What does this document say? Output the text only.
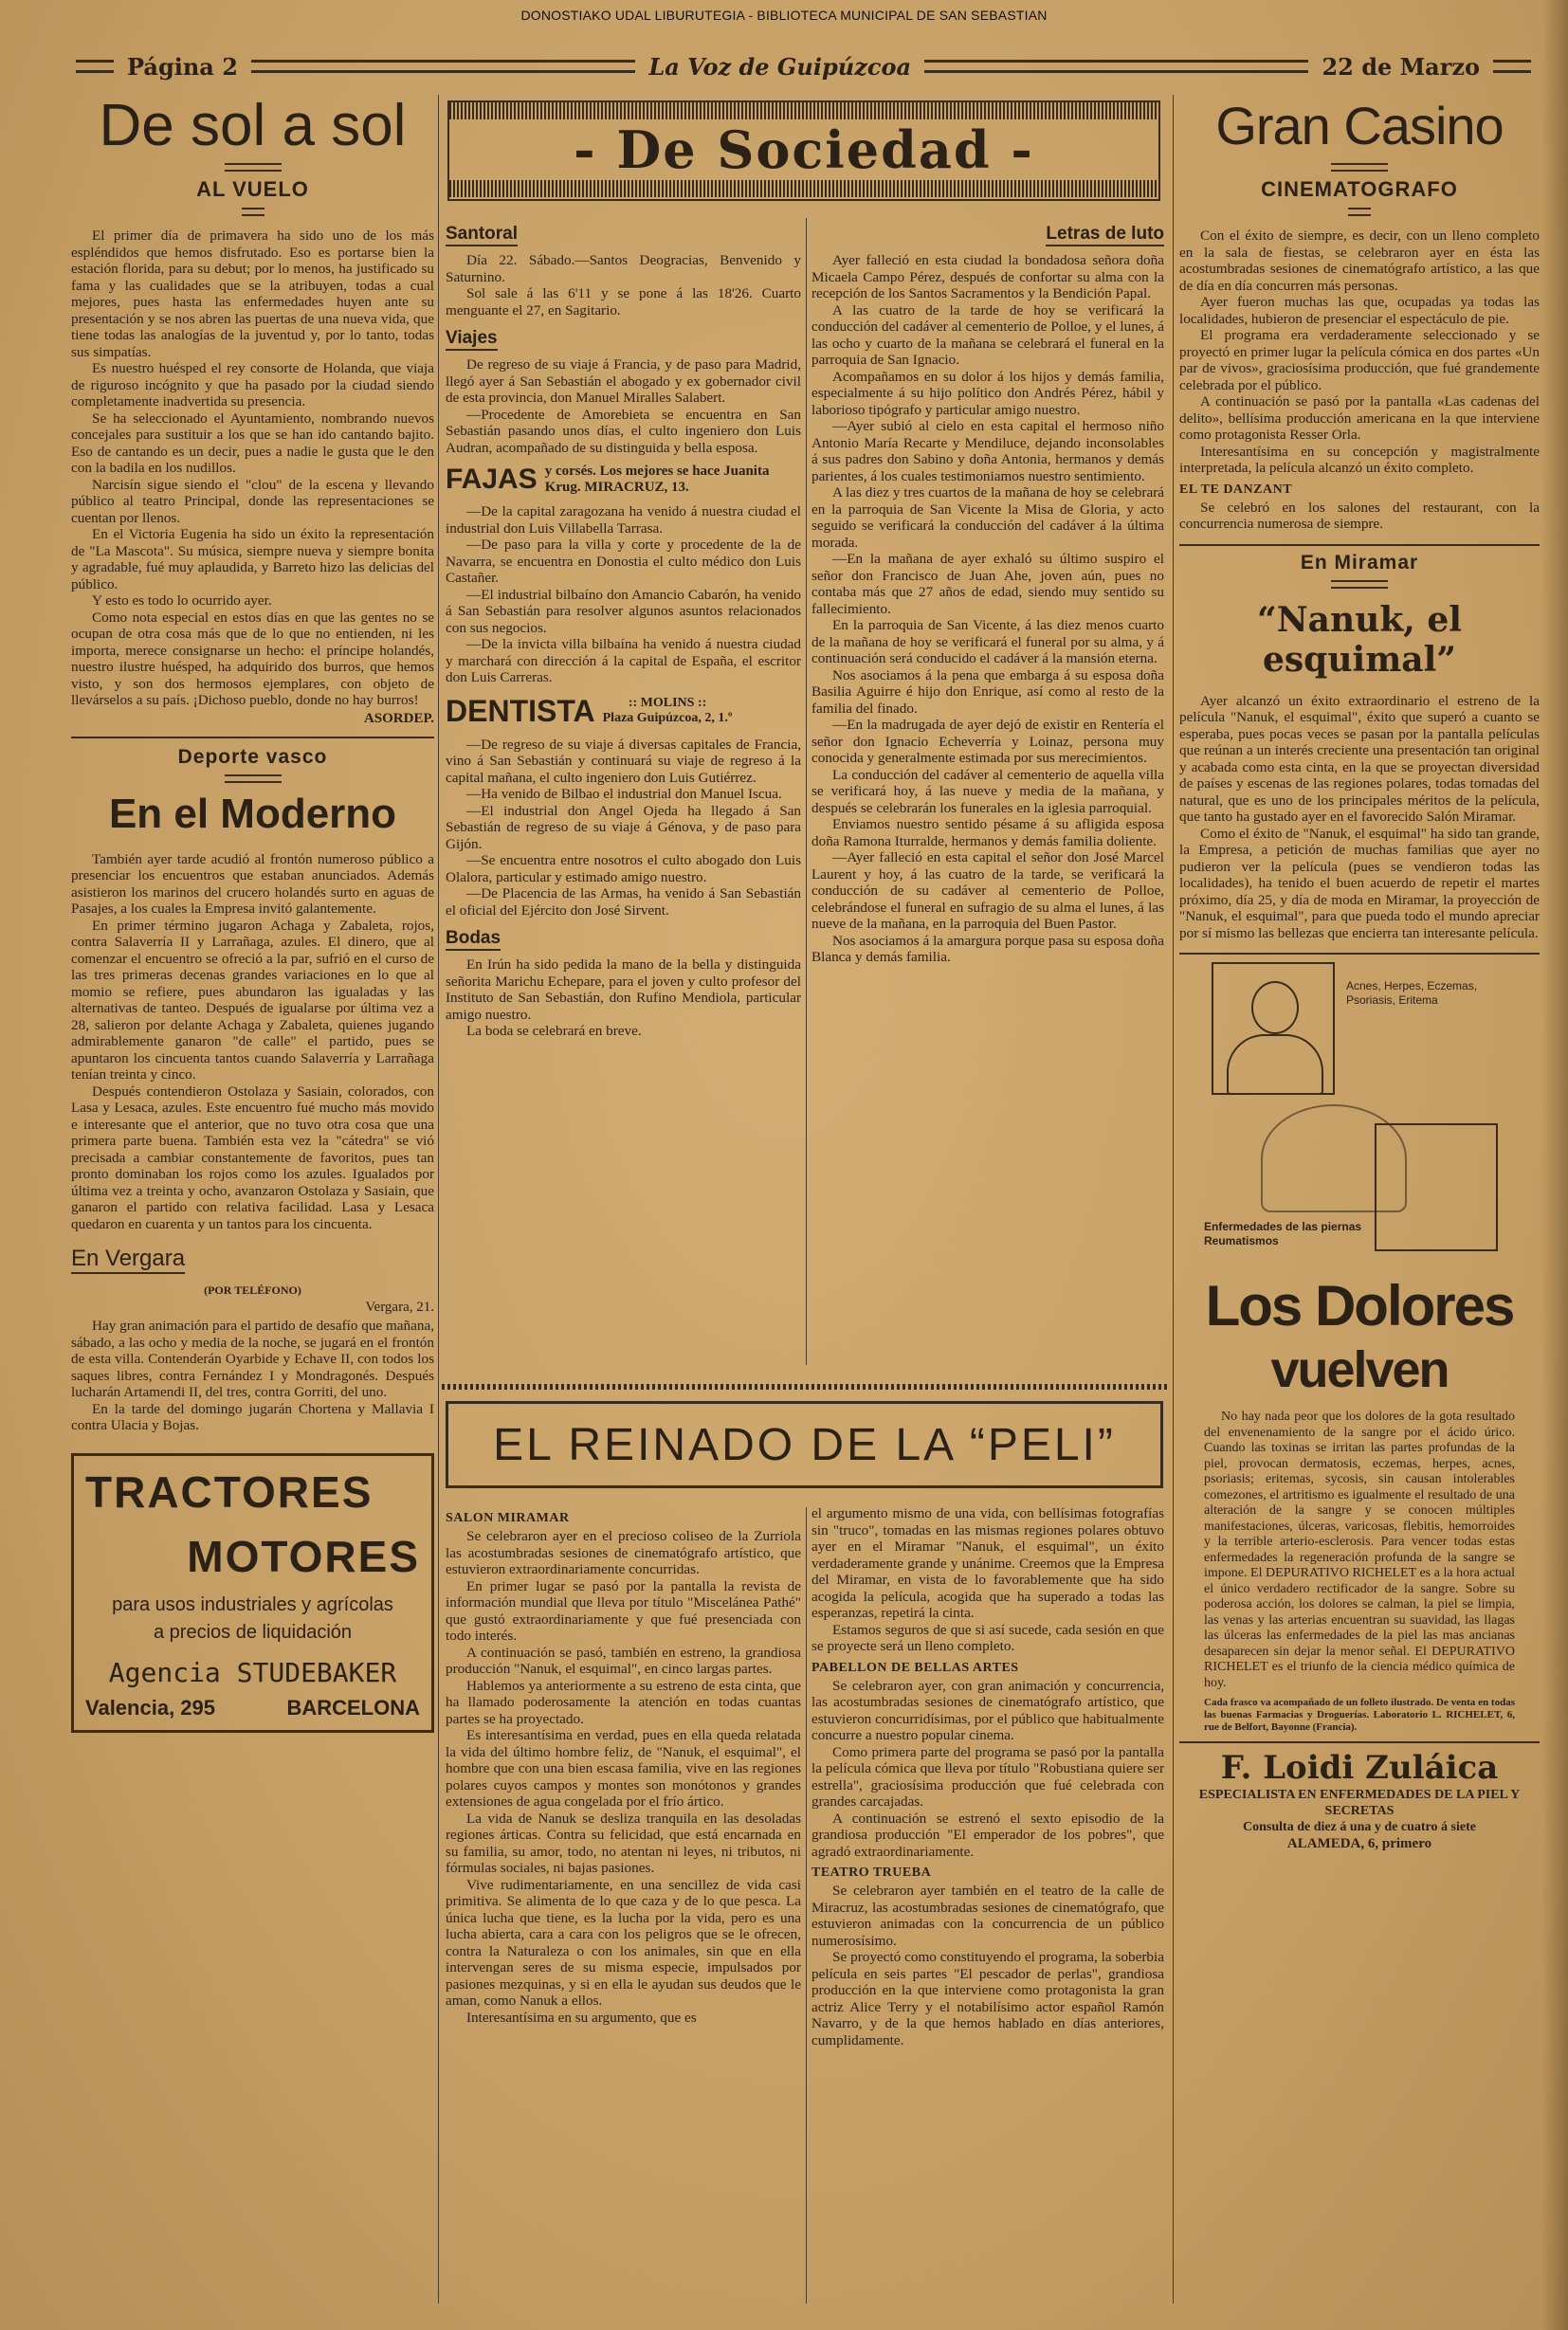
DONOSTIAKO UDAL LIBURUTEGIA - BIBLIOTECA MUNICIPAL DE SAN SEBASTIAN
Página 2	La Voz de Guipúzcoa	22 de Marzo
De sol a sol
AL VUELO

El primer día de primavera ha sido uno de los más espléndidos que hemos disfrutado. Eso es portarse bien la estación florida, para su debut; por lo menos, ha justificado su fama y las cualidades que se la atribuyen, todas a cual mejores, pues hasta las enfermedades huyen ante su presentación y se nos abren las puertas de una nueva vida, que tiene todas las analogías de la juventud y, por lo tanto, todas sus simpatías.

Es nuestro huésped el rey consorte de Holanda, que viaja de riguroso incógnito y que ha pasado por la ciudad siendo completamente inadvertida su presencia.

Se ha seleccionado el Ayuntamiento, nombrando nuevos concejales para sustituir a los que se han ido cantando bajito. Eso de cantando es un decir, pues a nadie le gusta que le den con la badila en los nudillos.

Narcisín sigue siendo el "clou" de la escena y llevando público al teatro Principal, donde las representaciones se cuentan por llenos.

En el Victoria Eugenia ha sido un éxito la representación de "La Mascota". Su música, siempre nueva y siempre bonita y agradable, fué muy aplaudida, y Barreto hizo las delicias del público.

Y esto es todo lo ocurrido ayer.

Como nota especial en estos días en que las gentes no se ocupan de otra cosa más que de lo que no entienden, ni les importa, merece consignarse un hecho: el príncipe holandés, nuestro ilustre huésped, ha adquirido dos burros, que hemos visto, y son dos hermosos ejemplares, con objeto de llevárselos a su país. ¡Dichoso pueblo, donde no hay burros!

ASORDEP.
Deporte vasco
En el Moderno

También ayer tarde acudió al frontón numeroso público a presenciar los encuentros que estaban anunciados. Además asistieron los marinos del crucero holandés surto en aguas de Pasajes, a los cuales la Empresa invitó galantemente.

En primer término jugaron Achaga y Zabaleta, rojos, contra Salaverría II y Larrañaga, azules. El dinero, que al comenzar el encuentro se ofreció a la par, sufrió en el curso de las tres primeras decenas grandes variaciones en lo que al momio se refiere, pues abundaron las igualadas y las alternativas de tanteo. Después de igualarse por última vez a 28, salieron por delante Achaga y Zabaleta, quienes jugando admirablemente ganaron "de calle" el partido, pues se apuntaron los cincuenta tantos cuando Salaverría y Larrañaga tenían treinta y cinco.

Después contendieron Ostolaza y Sasiain, colorados, con Lasa y Lesaca, azules. Este encuentro fué mucho más movido e interesante que el anterior, que no tuvo otra cosa que una primera parte buena. También esta vez la "cátedra" se vió precisada a cambiar constantemente de favoritos, pues tan pronto dominaban los rojos como los azules. Igualados por última vez a treinta y ocho, avanzaron Ostolaza y Sasiain, que ganaron el partido con relativa facilidad. Lasa y Lesaca quedaron en cuarenta y un tantos para los cincuenta.

En Vergara
(POR TELÉFONO)
Vergara, 21.

Hay gran animación para el partido de desafío que mañana, sábado, a las ocho y media de la noche, se jugará en el frontón de esta villa. Contenderán Oyarbide y Echave II, con todos los saques libres, contra Fernández I y Mondragonés. Después lucharán Artamendi II, del tres, contra Gorriti, del uno.

En la tarde del domingo jugarán Chortena y Mallavia I contra Ulacia y Bojas.

TRACTORES
MOTORES
para usos industriales y agrícolas
a precios de liquidación
Agencia STUDEBAKER
Valencia, 295	BARCELONA
- De Sociedad -
Santoral

Día 22. Sábado.—Santos Deogracias, Benvenido y Saturnino.

Sol sale á las 6'11 y se pone á las 18'26. Cuarto menguante el 27, en Sagitario.

Viajes

De regreso de su viaje á Francia, y de paso para Madrid, llegó ayer á San Sebastián el abogado y ex gobernador civil de esta provincia, don Manuel Miralles Salabert.

—Procedente de Amorebieta se encuentra en San Sebastián pasando unos días, el culto ingeniero don Luis Audran, acompañado de su distinguida y bella esposa.

FAJAS y corsés. Los mejores se hace Juanita Krug. MIRACRUZ, 13.

—De la capital zaragozana ha venido á nuestra ciudad el industrial don Luis Villabella Tarrasa.

—De paso para la villa y corte y procedente de la de Navarra, se encuentra en Donostia el culto médico don Luis Castañer.

—El industrial bilbaíno don Amancio Cabarón, ha venido á San Sebastián para resolver algunos asuntos relacionados con sus negocios.

—De la invicta villa bilbaína ha venido á nuestra ciudad y marchará con dirección á la capital de España, el escritor don Luis Carreras.

DENTISTA	:: MOLINS ::
Plaza Guipúzcoa, 2, 1.º

—De regreso de su viaje á diversas capitales de Francia, vino á San Sebastián y continuará su viaje de regreso á la capital mañana, el culto ingeniero don Luis Gutiérrez.

—Ha venido de Bilbao el industrial don Manuel Iscua.

—El industrial don Angel Ojeda ha llegado á San Sebastián de regreso de su viaje á Génova, y de paso para Gijón.

—Se encuentra entre nosotros el culto abogado don Luis Olalora, particular y estimado amigo nuestro.

—De Placencia de las Armas, ha venido á San Sebastián el oficial del Ejército don José Sirvent.

Bodas

En Irún ha sido pedida la mano de la bella y distinguida señorita Marichu Echepare, para el joven y culto profesor del Instituto de San Sebastián, don Rufino Mendiola, particular amigo nuestro.

La boda se celebrará en breve.

Letras de luto

Ayer falleció en esta ciudad la bondadosa señora doña Micaela Campo Pérez, después de confortar su alma con la recepción de los Santos Sacramentos y la Bendición Papal.

A las cuatro de la tarde de hoy se verificará la conducción del cadáver al cementerio de Polloe, y el lunes, á las ocho y cuarto de la mañana se celebrará el funeral en la parroquia de San Ignacio.

Acompañamos en su dolor á los hijos y demás familia, especialmente á su hijo político don Andrés Pérez, hábil y laborioso tipógrafo y particular amigo nuestro.

—Ayer subió al cielo en esta capital el hermoso niño Antonio María Recarte y Mendiluce, dejando inconsolables á sus padres don Sabino y doña Antonia, hermanos y demás parientes, á los cuales testimoniamos nuestro sentimiento.

A las diez y tres cuartos de la mañana de hoy se celebrará en la parroquia de San Vicente la Misa de Gloria, y acto seguido se verificará la conducción del cadáver á la última morada.

—En la mañana de ayer exhaló su último suspiro el señor don Francisco de Juan Ahe, joven aún, pues no contaba más que 27 años de edad, siendo muy sentido su fallecimiento.

En la parroquia de San Vicente, á las diez menos cuarto de la mañana de hoy se verificará el funeral por su alma, y á continuación será conducido el cadáver á la mansión eterna.

Nos asociamos á la pena que embarga á su esposa doña Basilia Aguirre é hijo don Enrique, así como al resto de la familia del finado.

—En la madrugada de ayer dejó de existir en Rentería el señor don Ignacio Echeverría y Loinaz, persona muy conocida y generalmente estimada por sus merecimientos.

La conducción del cadáver al cementerio de aquella villa se verificará hoy, á las nueve y media de la mañana, y después se celebrarán los funerales en la iglesia parroquial.

Enviamos nuestro sentido pésame á su afligida esposa doña Ramona Iturralde, hermanos y demás familia doliente.

—Ayer falleció en esta capital el señor don José Marcel Laurent y hoy, á las cuatro de la tarde, se verificará la conducción de su cadáver al cementerio de Polloe, celebrándose el funeral en sufragio de su alma el lunes, á las nueve de la mañana, en la parroquia del Buen Pastor.

Nos asociamos á la amargura porque pasa su esposa doña Blanca y demás familia.

EL REINADO DE LA “PELI”
SALON MIRAMAR

Se celebraron ayer en el precioso coliseo de la Zurriola las acostumbradas sesiones de cinematógrafo artístico, que estuvieron extraordinariamente concurridas.

En primer lugar se pasó por la pantalla la revista de información mundial que lleva por título "Miscelánea Pathé" que gustó extraordinariamente y que fué presenciada con todo interés.

A continuación se pasó, también en estreno, la grandiosa producción "Nanuk, el esquimal", en cinco largas partes.

Hablemos ya anteriormente a su estreno de esta cinta, que ha llamado poderosamente la atención en todas cuantas partes se ha proyectado.

Es interesantísima en verdad, pues en ella queda relatada la vida del último hombre feliz, de "Nanuk, el esquimal", el hombre que con una bien escasa familia, vive en las regiones polares cuyos campos y montes son monótonos y grandes extensiones de agua congelada por el frío ártico.

La vida de Nanuk se desliza tranquila en las desoladas regiones árticas. Contra su felicidad, que está encarnada en su familia, su amor, todo, no atentan ni leyes, ni tributos, ni fórmulas sociales, ni bajas pasiones.

Vive rudimentariamente, en una sencillez de vida casi primitiva. Se alimenta de lo que caza y de lo que pesca. La única lucha que tiene, es la lucha por la vida, pero es una lucha abierta, cara a cara con los peligros que se le ofrecen, contra la Naturaleza o con los animales, sin que en ella intervengan seres de su misma especie, impulsados por pasiones mezquinas, y si en ella le ayudan sus deudos que le aman, como Nanuk a ellos.

Interesantísima en su argumento, que es

el argumento mismo de una vida, con bellísimas fotografías sin "truco", tomadas en las mismas regiones polares obtuvo ayer en el Miramar "Nanuk, el esquimal", un éxito verdaderamente grande y unánime. Creemos que la Empresa del Miramar, en vista de lo favorablemente que ha sido acogida la película, acogida que ha superado a todas las esperanzas, repetirá la cinta.

Estamos seguros de que si así sucede, cada sesión en que se proyecte será un lleno completo.

PABELLON DE BELLAS ARTES

Se celebraron ayer, con gran animación y concurrencia, las acostumbradas sesiones de cinematógrafo artístico, que estuvieron concurridísimas, por el público que habitualmente concurre a nuestro popular cinema.

Como primera parte del programa se pasó por la pantalla la película cómica que lleva por título "Robustiana quiere ser estrella", graciosísima producción que fué celebrada con grandes carcajadas.

A continuación se estrenó el sexto episodio de la grandiosa producción "El emperador de los pobres", que agradó extraordinariamente.

TEATRO TRUEBA

Se celebraron ayer también en el teatro de la calle de Miracruz, las acostumbradas sesiones de cinematógrafo, que estuvieron animadas con la concurrencia de un público numerosísimo.

Se proyectó como constituyendo el programa, la soberbia película en seis partes "El pescador de perlas", grandiosa producción en la que interviene como protagonista la gran actriz Alice Terry y el notabilísimo actor español Ramón Navarro, y de la que hemos hablado en días anteriores, cumplidamente.

Gran Casino
CINEMATOGRAFO

Con el éxito de siempre, es decir, con un lleno completo en la sala de fiestas, se celebraron ayer en ésta las acostumbradas sesiones de cinematógrafo artístico, a las que de día en día concurren más personas.

Ayer fueron muchas las que, ocupadas ya todas las localidades, hubieron de presenciar el espectáculo de pie.

El programa era verdaderamente seleccionado y se proyectó en primer lugar la película cómica en dos partes «Un par de vivos», graciosísima producción, que fué grandemente celebrada por el público.

A continuación se pasó por la pantalla «Las cadenas del delito», bellísima producción americana en la que interviene como protagonista Resser Orla.

Interesantísima en su concepción y magistralmente interpretada, la película alcanzó un éxito completo.

EL TE DANZANT

Se celebró en los salones del restaurant, con la concurrencia numerosa de siempre.

En Miramar
“Nanuk, el esquimal”

Ayer alcanzó un éxito extraordinario el estreno de la película "Nanuk, el esquimal", éxito que superó a cuanto se esperaba, pues pocas veces se pasan por la pantalla películas que reúnan a un interés creciente una presentación tan original y acabada como esta cinta, en la que se proyectan diversidad de países y escenas de las regiones polares, todas tomadas del natural, que es uno de los principales méritos de la película, que tanto ha gustado ayer en el favorecido Salón Miramar.

Como el éxito de "Nanuk, el esquimal" ha sido tan grande, la Empresa, a petición de muchas familias que ayer no pudieron ver la película (pues se vendieron todas las localidades), ha tenido el buen acuerdo de repetir el martes próximo, día 25, y día de moda en Miramar, la proyección de "Nanuk, el esquimal", para que pueda todo el mundo apreciar por sí mismo las bellezas que encierra tan interesante película.

Acnes, Herpes, Eczemas, Psoriasis, Eritema
Enfermedades de las piernas Reumatismos
Los Dolores
vuelven
No hay nada peor que los dolores de la gota resultado del envenenamiento de la sangre por el ácido úrico. Cuando las toxinas se irritan las partes profundas de la piel, provocan dermatosis, eczemas, herpes, acnes, psoriasis; eritemas, sycosis, sin causan intolerables comezones, el artritismo es igualmente el resultado de una alteración de la sangre y se conocen múltiples manifestaciones, úlceras, varicosas, flebitis, hemorroides y la terrible arterio-esclerosis. Para vencer todas estas enfermedades la regeneración profunda de la sangre se impone. El DEPURATIVO RICHELET es a la hora actual el único verdadero rectificador de la sangre. Sobre su poderosa acción, los dolores se calman, la piel se limpia, las venas y las arterias encuentran su suavidad, las llagas las úlceras las enfermedades de la piel las mas ancianas desaparecen sin dejar la menor señal. El DEPURATIVO RICHELET es el triunfo de la ciencia médico química de hoy.
Cada frasco va acompañado de un folleto ilustrado. De venta en todas las buenas Farmacias y Droguerías. Laboratorio L. RICHELET, 6, rue de Belfort, Bayonne (Francia).
F. Loidi Zuláica
ESPECIALISTA EN ENFERMEDADES DE LA PIEL Y SECRETAS
Consulta de diez á una y de cuatro á siete
ALAMEDA, 6, primero
